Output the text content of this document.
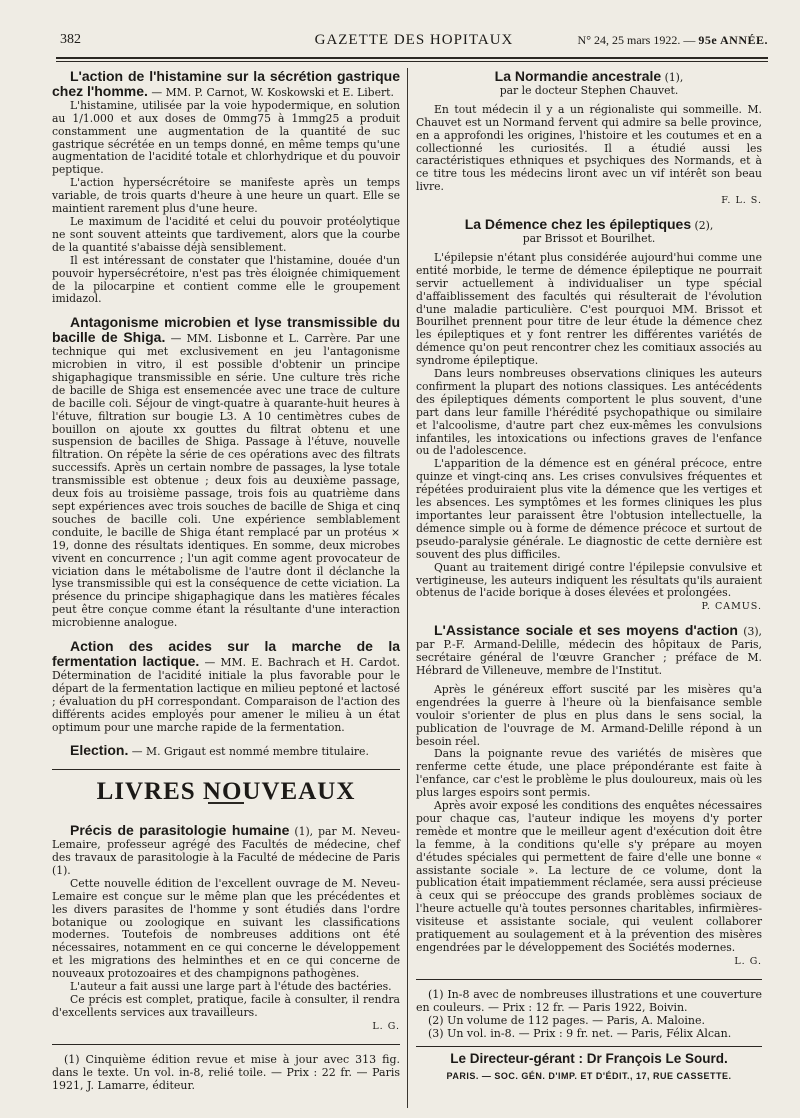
382	GAZETTE DES HOPITAUX	N° 24, 25 mars 1922. — 95e ANNÉE.
L'action de l'histamine sur la sécrétion gastrique chez l'homme. — MM. P. Carnot, W. Koskowski et E. Libert.

L'histamine, utilisée par la voie hypodermique, en solution au 1/1.000 et aux doses de 0mmg75 à 1mmg25 a produit constamment une augmentation de la quantité de suc gastrique sécrétée en un temps donné, en même temps qu'une augmentation de l'acidité totale et chlorhydrique et du pouvoir peptique.

L'action hypersécrétoire se manifeste après un temps variable, de trois quarts d'heure à une heure un quart. Elle se maintient rarement plus d'une heure.

Le maximum de l'acidité et celui du pouvoir protéolytique ne sont souvent atteints que tardivement, alors que la courbe de la quantité s'abaisse déjà sensiblement.

Il est intéressant de constater que l'histamine, douée d'un pouvoir hypersécrétoire, n'est pas très éloignée chimiquement de la pilocarpine et contient comme elle le groupement imidazol.

Antagonisme microbien et lyse transmissible du bacille de Shiga. — MM. Lisbonne et L. Carrère. Par une technique qui met exclusivement en jeu l'antagonisme microbien in vitro, il est possible d'obtenir un principe shigaphagique transmissible en série. Une culture très riche de bacille de Shiga est ensemencée avec une trace de culture de bacille coli. Séjour de vingt-quatre à quarante-huit heures à l'étuve, filtration sur bougie L3. A 10 centimètres cubes de bouillon on ajoute xx gouttes du filtrat obtenu et une suspension de bacilles de Shiga. Passage à l'étuve, nouvelle filtration. On répète la série de ces opérations avec des filtrats successifs. Après un certain nombre de passages, la lyse totale transmissible est obtenue ; deux fois au deuxième passage, deux fois au troisième passage, trois fois au quatrième dans sept expériences avec trois souches de bacille de Shiga et cinq souches de bacille coli. Une expérience semblablement conduite, le bacille de Shiga étant remplacé par un protéus × 19, donne des résultats identiques. En somme, deux microbes vivent en concurrence ; l'un agit comme agent provocateur de viciation dans le métabolisme de l'autre dont il déclanche la lyse transmissible qui est la conséquence de cette viciation. La présence du principe shigaphagique dans les matières fécales peut être conçue comme étant la résultante d'une interaction microbienne analogue.
Action des acides sur la marche de la fermentation lactique. — MM. E. Bachrach et H. Cardot. Détermination de l'acidité initiale la plus favorable pour le départ de la fermentation lactique en milieu peptoné et lactosé ; évaluation du pH correspondant. Comparaison de l'action des différents acides employés pour amener le milieu à un état optimum pour une marche rapide de la fermentation.
Election. — M. Grigaut est nommé membre titulaire.
LIVRES NOUVEAUX
Précis de parasitologie humaine (1), par M. Neveu-Lemaire, professeur agrégé des Facultés de médecine, chef des travaux de parasitologie à la Faculté de médecine de Paris (1).

Cette nouvelle édition de l'excellent ouvrage de M. Neveu-Lemaire est conçue sur le même plan que les précédentes et les divers parasites de l'homme y sont étudiés dans l'ordre botanique ou zoologique en suivant les classifications modernes. Toutefois de nombreuses additions ont été nécessaires, notamment en ce qui concerne le développement et les migrations des helminthes et en ce qui concerne de nouveaux protozoaires et des champignons pathogènes.

L'auteur a fait aussi une large part à l'étude des bactéries.

Ce précis est complet, pratique, facile à consulter, il rendra d'excellents services aux travailleurs.

L. G.

(1) Cinquième édition revue et mise à jour avec 313 fig. dans le texte. Un vol. in-8, relié toile. — Prix : 22 fr. — Paris 1921, J. Lamarre, éditeur.

La Normandie ancestrale (1),
par le docteur Stephen Chauvet.

En tout médecin il y a un régionaliste qui sommeille. M. Chauvet est un Normand fervent qui admire sa belle province, en a approfondi les origines, l'histoire et les coutumes et en a collectionné les curiosités. Il a étudié aussi les caractéristiques ethniques et psychiques des Normands, et à ce titre tous les médecins liront avec un vif intérêt son beau livre.

F. L. S.
La Démence chez les épileptiques (2),
par Brissot et Bourilhet.

L'épilepsie n'étant plus considérée aujourd'hui comme une entité morbide, le terme de démence épileptique ne pourrait servir actuellement à individualiser un type spécial d'affaiblissement des facultés qui résulterait de l'évolution d'une maladie particulière. C'est pourquoi MM. Brissot et Bourilhet prennent pour titre de leur étude la démence chez les épileptiques et y font rentrer les différentes variétés de démence qu'on peut rencontrer chez les comitiaux associés au syndrome épileptique.

Dans leurs nombreuses observations cliniques les auteurs confirment la plupart des notions classiques. Les antécédents des épileptiques déments comportent le plus souvent, d'une part dans leur famille l'hérédité psychopathique ou similaire et l'alcoolisme, d'autre part chez eux-mêmes les convulsions infantiles, les intoxications ou infections graves de l'enfance ou de l'adolescence.

L'apparition de la démence est en général précoce, entre quinze et vingt-cinq ans. Les crises convulsives fréquentes et répétées produiraient plus vite la démence que les vertiges et les absences. Les symptômes et les formes cliniques les plus importantes leur paraissent être l'obtusion intellectuelle, la démence simple ou à forme de démence précoce et surtout de pseudo-paralysie générale. Le diagnostic de cette dernière est souvent des plus difficiles.

Quant au traitement dirigé contre l'épilepsie convulsive et vertigineuse, les auteurs indiquent les résultats qu'ils auraient obtenus de l'acide borique à doses élevées et prolongées.

P. CAMUS.
L'Assistance sociale et ses moyens d'action (3), par P.-F. Armand-Delille, médecin des hôpitaux de Paris, secrétaire général de l'œuvre Grancher ; préface de M. Hébrard de Villeneuve, membre de l'Institut.

Après le généreux effort suscité par les misères qu'a engendrées la guerre à l'heure où la bienfaisance semble vouloir s'orienter de plus en plus dans le sens social, la publication de l'ouvrage de M. Armand-Delille répond à un besoin réel.

Dans la poignante revue des variétés de misères que renferme cette étude, une place prépondérante est faite à l'enfance, car c'est le problème le plus douloureux, mais où les plus larges espoirs sont permis.

Après avoir exposé les conditions des enquêtes nécessaires pour chaque cas, l'auteur indique les moyens d'y porter remède et montre que le meilleur agent d'exécution doit être la femme, à la conditions qu'elle s'y prépare au moyen d'études spéciales qui permettent de faire d'elle une bonne « assistante sociale ». La lecture de ce volume, dont la publication était impatiemment réclamée, sera aussi précieuse à ceux qui se préoccupe des grands problèmes sociaux de l'heure actuelle qu'à toutes personnes charitables, infirmières-visiteuse et assistante sociale, qui veulent collaborer pratiquement au soulagement et à la prévention des misères engendrées par le développement des Sociétés modernes.

L. G.

(1) In-8 avec de nombreuses illustrations et une couverture en couleurs. — Prix : 12 fr. — Paris 1922, Boivin.

(2) Un volume de 112 pages. — Paris, A. Maloine.

(3) Un vol. in-8. — Prix : 9 fr. net. — Paris, Félix Alcan.

Le Directeur-gérant : Dr François Le Sourd.
PARIS. — SOC. GÉN. D'IMP. ET D'ÉDIT., 17, RUE CASSETTE.
